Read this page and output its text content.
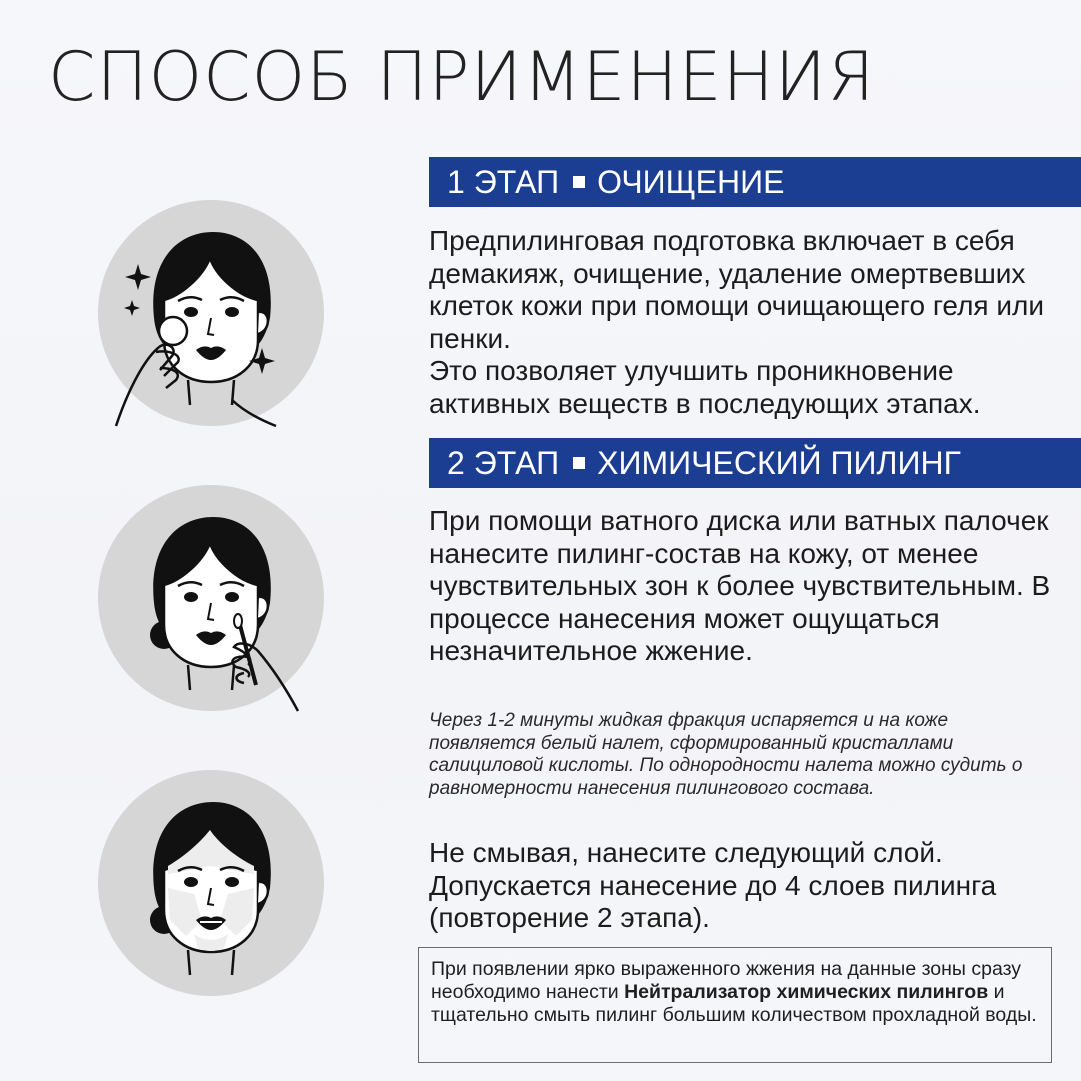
СПОСОБ ПРИМЕНЕНИЯ
1 ЭТАП ОЧИЩЕНИЕ

Предпилинговая подготовка включает в себя демакияж, очищение, удаление омертвевших клеток кожи при помощи очищающего геля или пенки.

Это позволяет улучшить проникновение активных веществ в последующих этапах.

2 ЭТАП ХИМИЧЕСКИЙ ПИЛИНГ
При помощи ватного диска или ватных палочек нанесите пилинг-состав на кожу, от менее чувствительных зон к более чувствительным. В процессе нанесения может ощущаться незначительное жжение.
Через 1-2 минуты жидкая фракция испаряется и на коже появляется белый налет, сформированный кристаллами салициловой кислоты. По однородности налета можно судить о равномерности нанесения пилингового состава.
Не смывая, нанесите следующий слой. Допускается нанесение до 4 слоев пилинга (повторение 2 этапа).
При появлении ярко выраженного жжения на данные зоны сразу необходимо нанести Нейтрализатор химических пилингов и тщательно смыть пилинг большим количеством прохладной воды.
